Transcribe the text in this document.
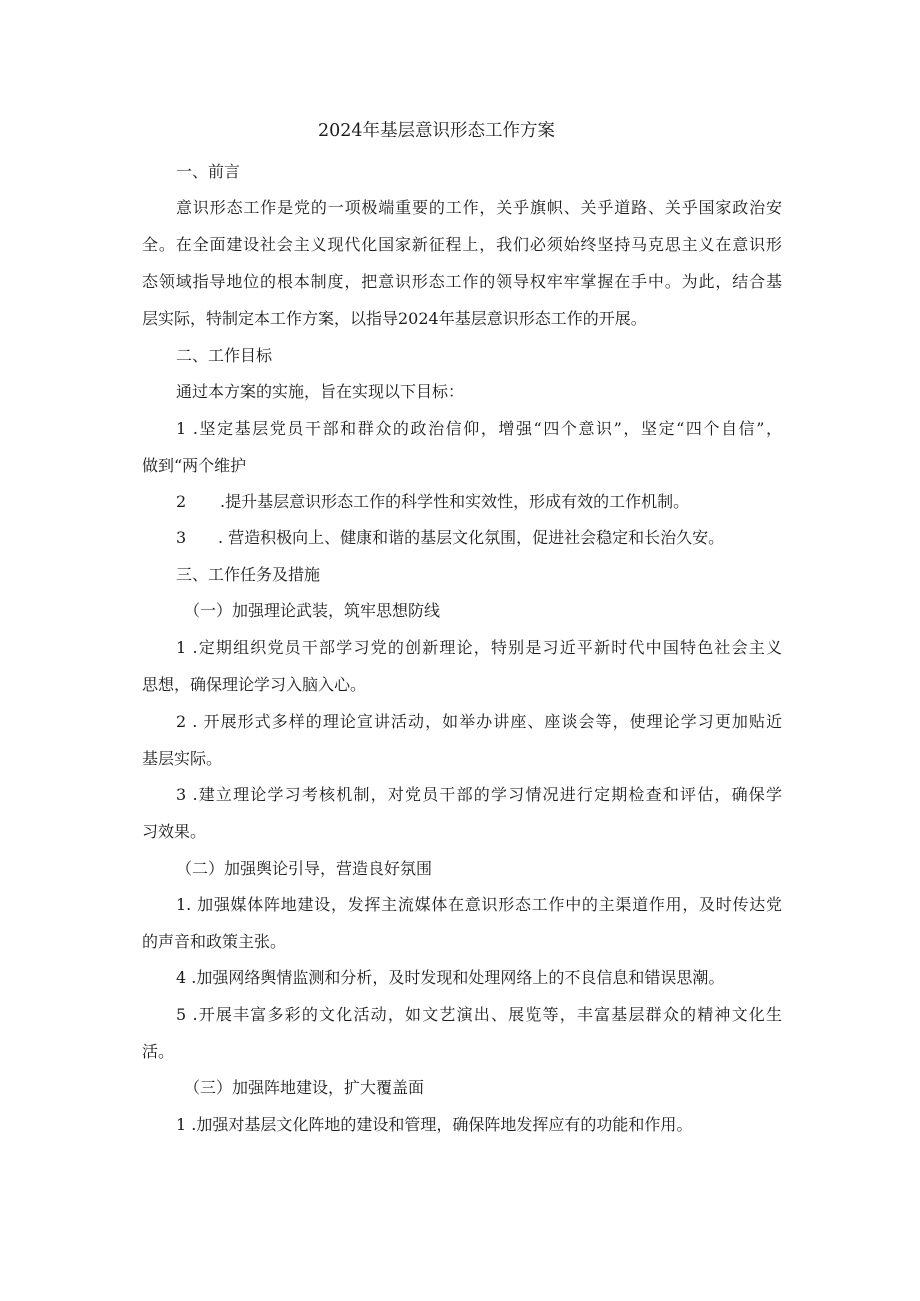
2024年基层意识形态工作方案
一、前言
意识形态工作是党的一项极端重要的工作，关乎旗帜、关乎道路、关乎国家政治安
全。在全面建设社会主义现代化国家新征程上，我们必须始终坚持马克思主义在意识形
态领域指导地位的根本制度，把意识形态工作的领导权牢牢掌握在手中。为此，结合基
层实际，特制定本工作方案，以指导2024年基层意识形态工作的开展。
二、工作目标
通过本方案的实施，旨在实现以下目标：
1 .坚定基层党员干部和群众的政治信仰，增强“四个意识”，坚定“四个自信”，
做到“两个维护
2 .提升基层意识形态工作的科学性和实效性，形成有效的工作机制。
3 . 营造积极向上、健康和谐的基层文化氛围，促进社会稳定和长治久安。
三、工作任务及措施
（一）加强理论武装，筑牢思想防线
1 .定期组织党员干部学习党的创新理论，特别是习近平新时代中国特色社会主义
思想，确保理论学习入脑入心。
2 . 开展形式多样的理论宣讲活动，如举办讲座、座谈会等，使理论学习更加贴近
基层实际。
3 .建立理论学习考核机制，对党员干部的学习情况进行定期检查和评估，确保学
习效果。
（二）加强舆论引导，营造良好氛围
1. 加强媒体阵地建设，发挥主流媒体在意识形态工作中的主渠道作用，及时传达党
的声音和政策主张。
4 .加强网络舆情监测和分析，及时发现和处理网络上的不良信息和错误思潮。
5 .开展丰富多彩的文化活动，如文艺演出、展览等，丰富基层群众的精神文化生
活。
（三）加强阵地建设，扩大覆盖面
1 .加强对基层文化阵地的建设和管理，确保阵地发挥应有的功能和作用。
